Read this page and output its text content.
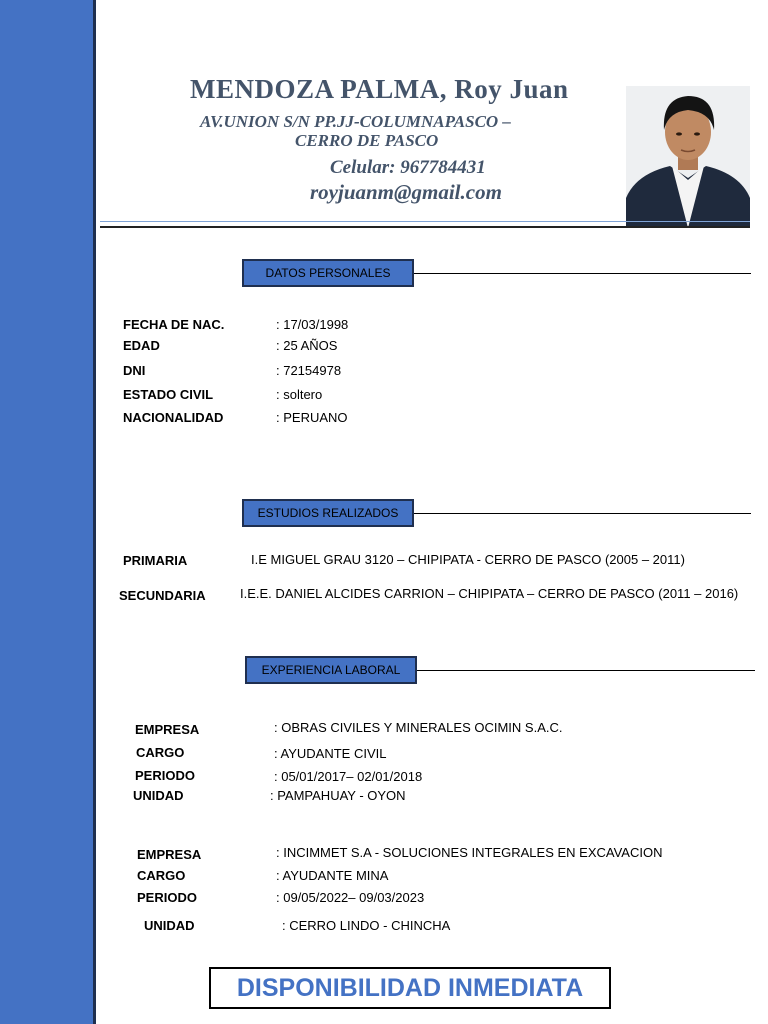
MENDOZA PALMA, Roy Juan
AV.UNION S/N PP.JJ-COLUMNAPASCO –
CERRO DE PASCO
Celular: 967784431
royjuanm@gmail.com
DATOS PERSONALES
FECHA DE NAC.	: 17/03/1998
EDAD	: 25 AÑOS
DNI	: 72154978
ESTADO CIVIL	: soltero
NACIONALIDAD	: PERUANO
ESTUDIOS REALIZADOS
PRIMARIA	I.E MIGUEL GRAU 3120 – CHIPIPATA - CERRO DE PASCO (2005 – 2011)
SECUNDARIA	I.E.E. DANIEL ALCIDES CARRION – CHIPIPATA – CERRO DE PASCO (2011 – 2016)
EXPERIENCIA LABORAL
EMPRESA	: OBRAS CIVILES Y MINERALES OCIMIN S.A.C.
CARGO	: AYUDANTE CIVIL
PERIODO	: 05/01/2017– 02/01/2018
UNIDAD	: PAMPAHUAY - OYON
EMPRESA	: INCIMMET S.A - SOLUCIONES INTEGRALES EN EXCAVACION
CARGO	: AYUDANTE MINA
PERIODO	: 09/05/2022– 09/03/2023
UNIDAD	: CERRO LINDO - CHINCHA
DISPONIBILIDAD INMEDIATA
